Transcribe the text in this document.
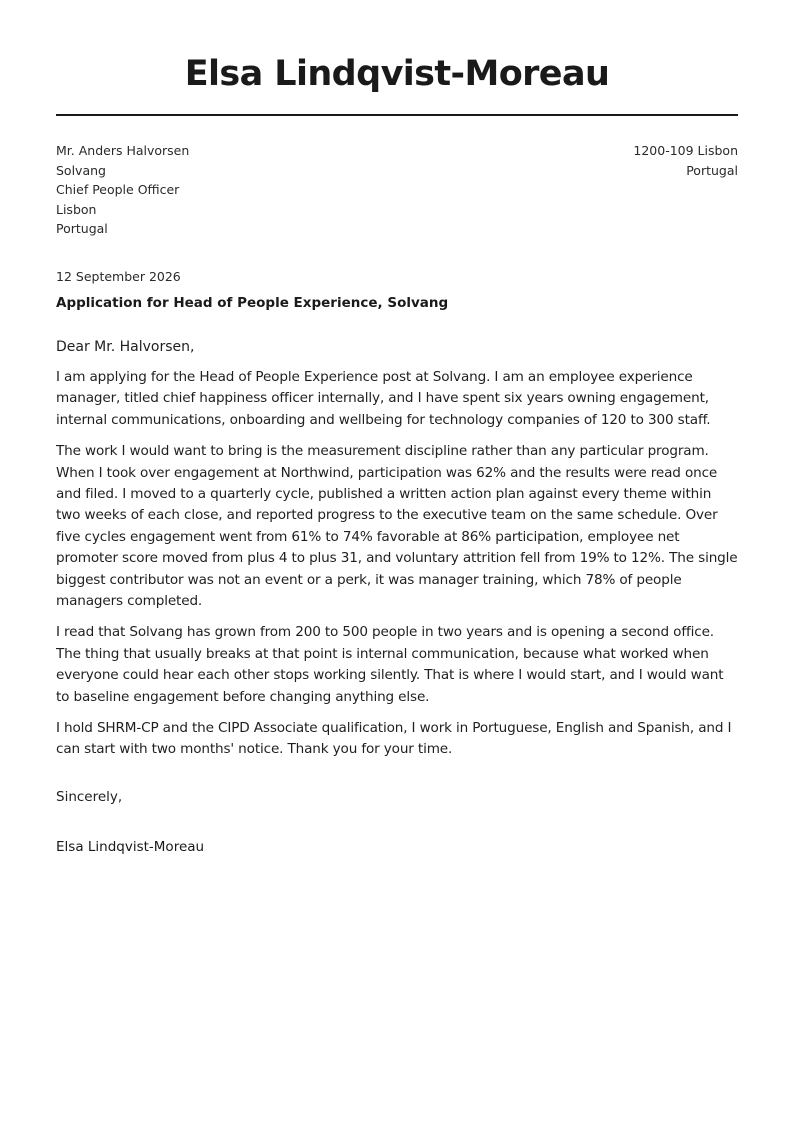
Elsa Lindqvist-Moreau
Mr. Anders Halvorsen
Solvang
Chief People Officer
Lisbon
Portugal
1200-109 Lisbon
Portugal
12 September 2026
Application for Head of People Experience, Solvang
Dear Mr. Halvorsen,

I am applying for the Head of People Experience post at Solvang. I am an employee experience manager, titled chief happiness officer internally, and I have spent six years owning engagement, internal communications, onboarding and wellbeing for technology companies of 120 to 300 staff.

The work I would want to bring is the measurement discipline rather than any particular program. When I took over engagement at Northwind, participation was 62% and the results were read once and filed. I moved to a quarterly cycle, published a written action plan against every theme within two weeks of each close, and reported progress to the executive team on the same schedule. Over five cycles engagement went from 61% to 74% favorable at 86% participation, employee net promoter score moved from plus 4 to plus 31, and voluntary attrition fell from 19% to 12%. The single biggest contributor was not an event or a perk, it was manager training, which 78% of people managers completed.

I read that Solvang has grown from 200 to 500 people in two years and is opening a second office. The thing that usually breaks at that point is internal communication, because what worked when everyone could hear each other stops working silently. That is where I would start, and I would want to baseline engagement before changing anything else.

I hold SHRM-CP and the CIPD Associate qualification, I work in Portuguese, English and Spanish, and I can start with two months' notice. Thank you for your time.

Sincerely,
Elsa Lindqvist-Moreau
